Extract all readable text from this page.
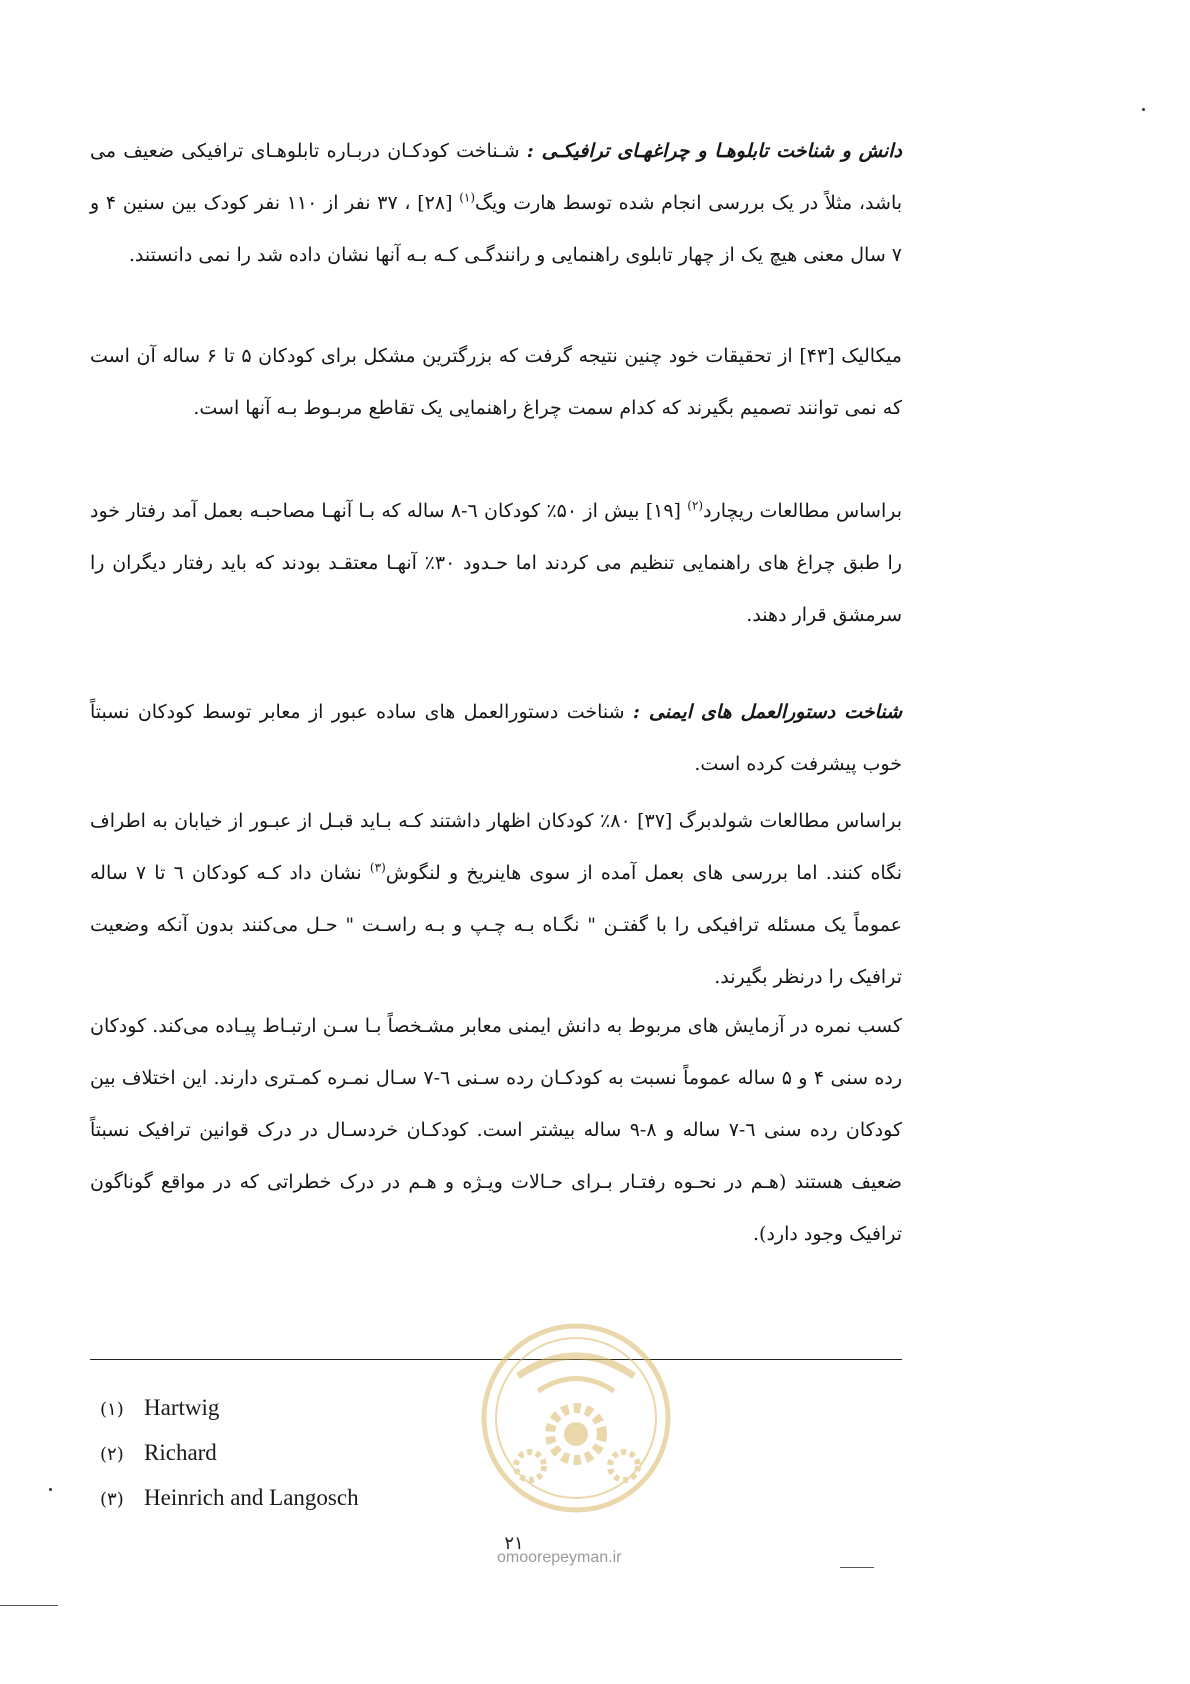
دانش و شناخت تابلوهـا و چراغهـای ترافیکـی : شـناخت کودکـان دربـاره تابلوهـای ترافیکی ضعیف می باشد، مثلاً در یک بررسی انجام شده توسط هارت ویگ$^{(۱)}$ [۲۸] ، ۳۷ نفر از ۱۱۰ نفر کودک بین سنین ۴ و ۷ سال معنی هیچ یک از چهار تابلوی راهنمایی و رانندگـی کـه بـه آنها نشان داده شد را نمی دانستند.

میکالیک [۴۳] از تحقیقات خود چنین نتیجه گرفت که بزرگترین مشکل برای کودکان ۵ تا ۶ ساله آن است که نمی توانند تصمیم بگیرند که کدام سمت چراغ راهنمایی یک تقاطع مربـوط بـه آنها است.

براساس مطالعات ریچارد$^{(۲)}$ [۱۹] بیش از ۵۰٪ کودکان ٦-۸ ساله که بـا آنهـا مصاحبـه بعمل آمد رفتار خود را طبق چراغ های راهنمایی تنظیم می کردند اما حـدود ۳۰٪ آنهـا معتقـد بودند که باید رفتار دیگران را سرمشق قرار دهند.

شناخت دستورالعمل های ایمنی : شناخت دستورالعمل های ساده عبور از معابر توسط کودکان نسبتاً خوب پیشرفت کرده است.

براساس مطالعات شولدبرگ [۳۷] ۸۰٪ کودکان اظهار داشتند کـه بـاید قبـل از عبـور از خیابان به اطراف نگاه کنند. اما بررسی های بعمل آمده از سوی هاینریخ و لنگوش$^{(۳)}$ نشان داد کـه کودکان ٦ تا ۷ ساله عموماً یک مسئله ترافیکی را با گفتـن " نگـاه بـه چـپ و بـه راسـت " حـل می‌کنند بدون آنکه وضعیت ترافیک را درنظر بگیرند.

کسب نمره در آزمایش های مربوط به دانش ایمنی معابر مشـخصاً بـا سـن ارتبـاط پیـاده می‌کند. کودکان رده سنی ۴ و ۵ ساله عموماً نسبت به کودکـان رده سـنی ٦-۷ سـال نمـره کمـتری دارند. این اختلاف بین کودکان رده سنی ٦-۷ ساله و ۸-۹ ساله بیشتر است. کودکـان خردسـال در درک قوانین ترافیک نسبتاً ضعیف هستند (هـم در نحـوه رفتـار بـرای حـالات ویـژه و هـم در درک خطراتی که در مواقع گوناگون ترافیک وجود دارد).

(۱) Hartwig
(۲) Richard
(۳) Heinrich and Langosch
۲۱
omoorepeyman.ir
